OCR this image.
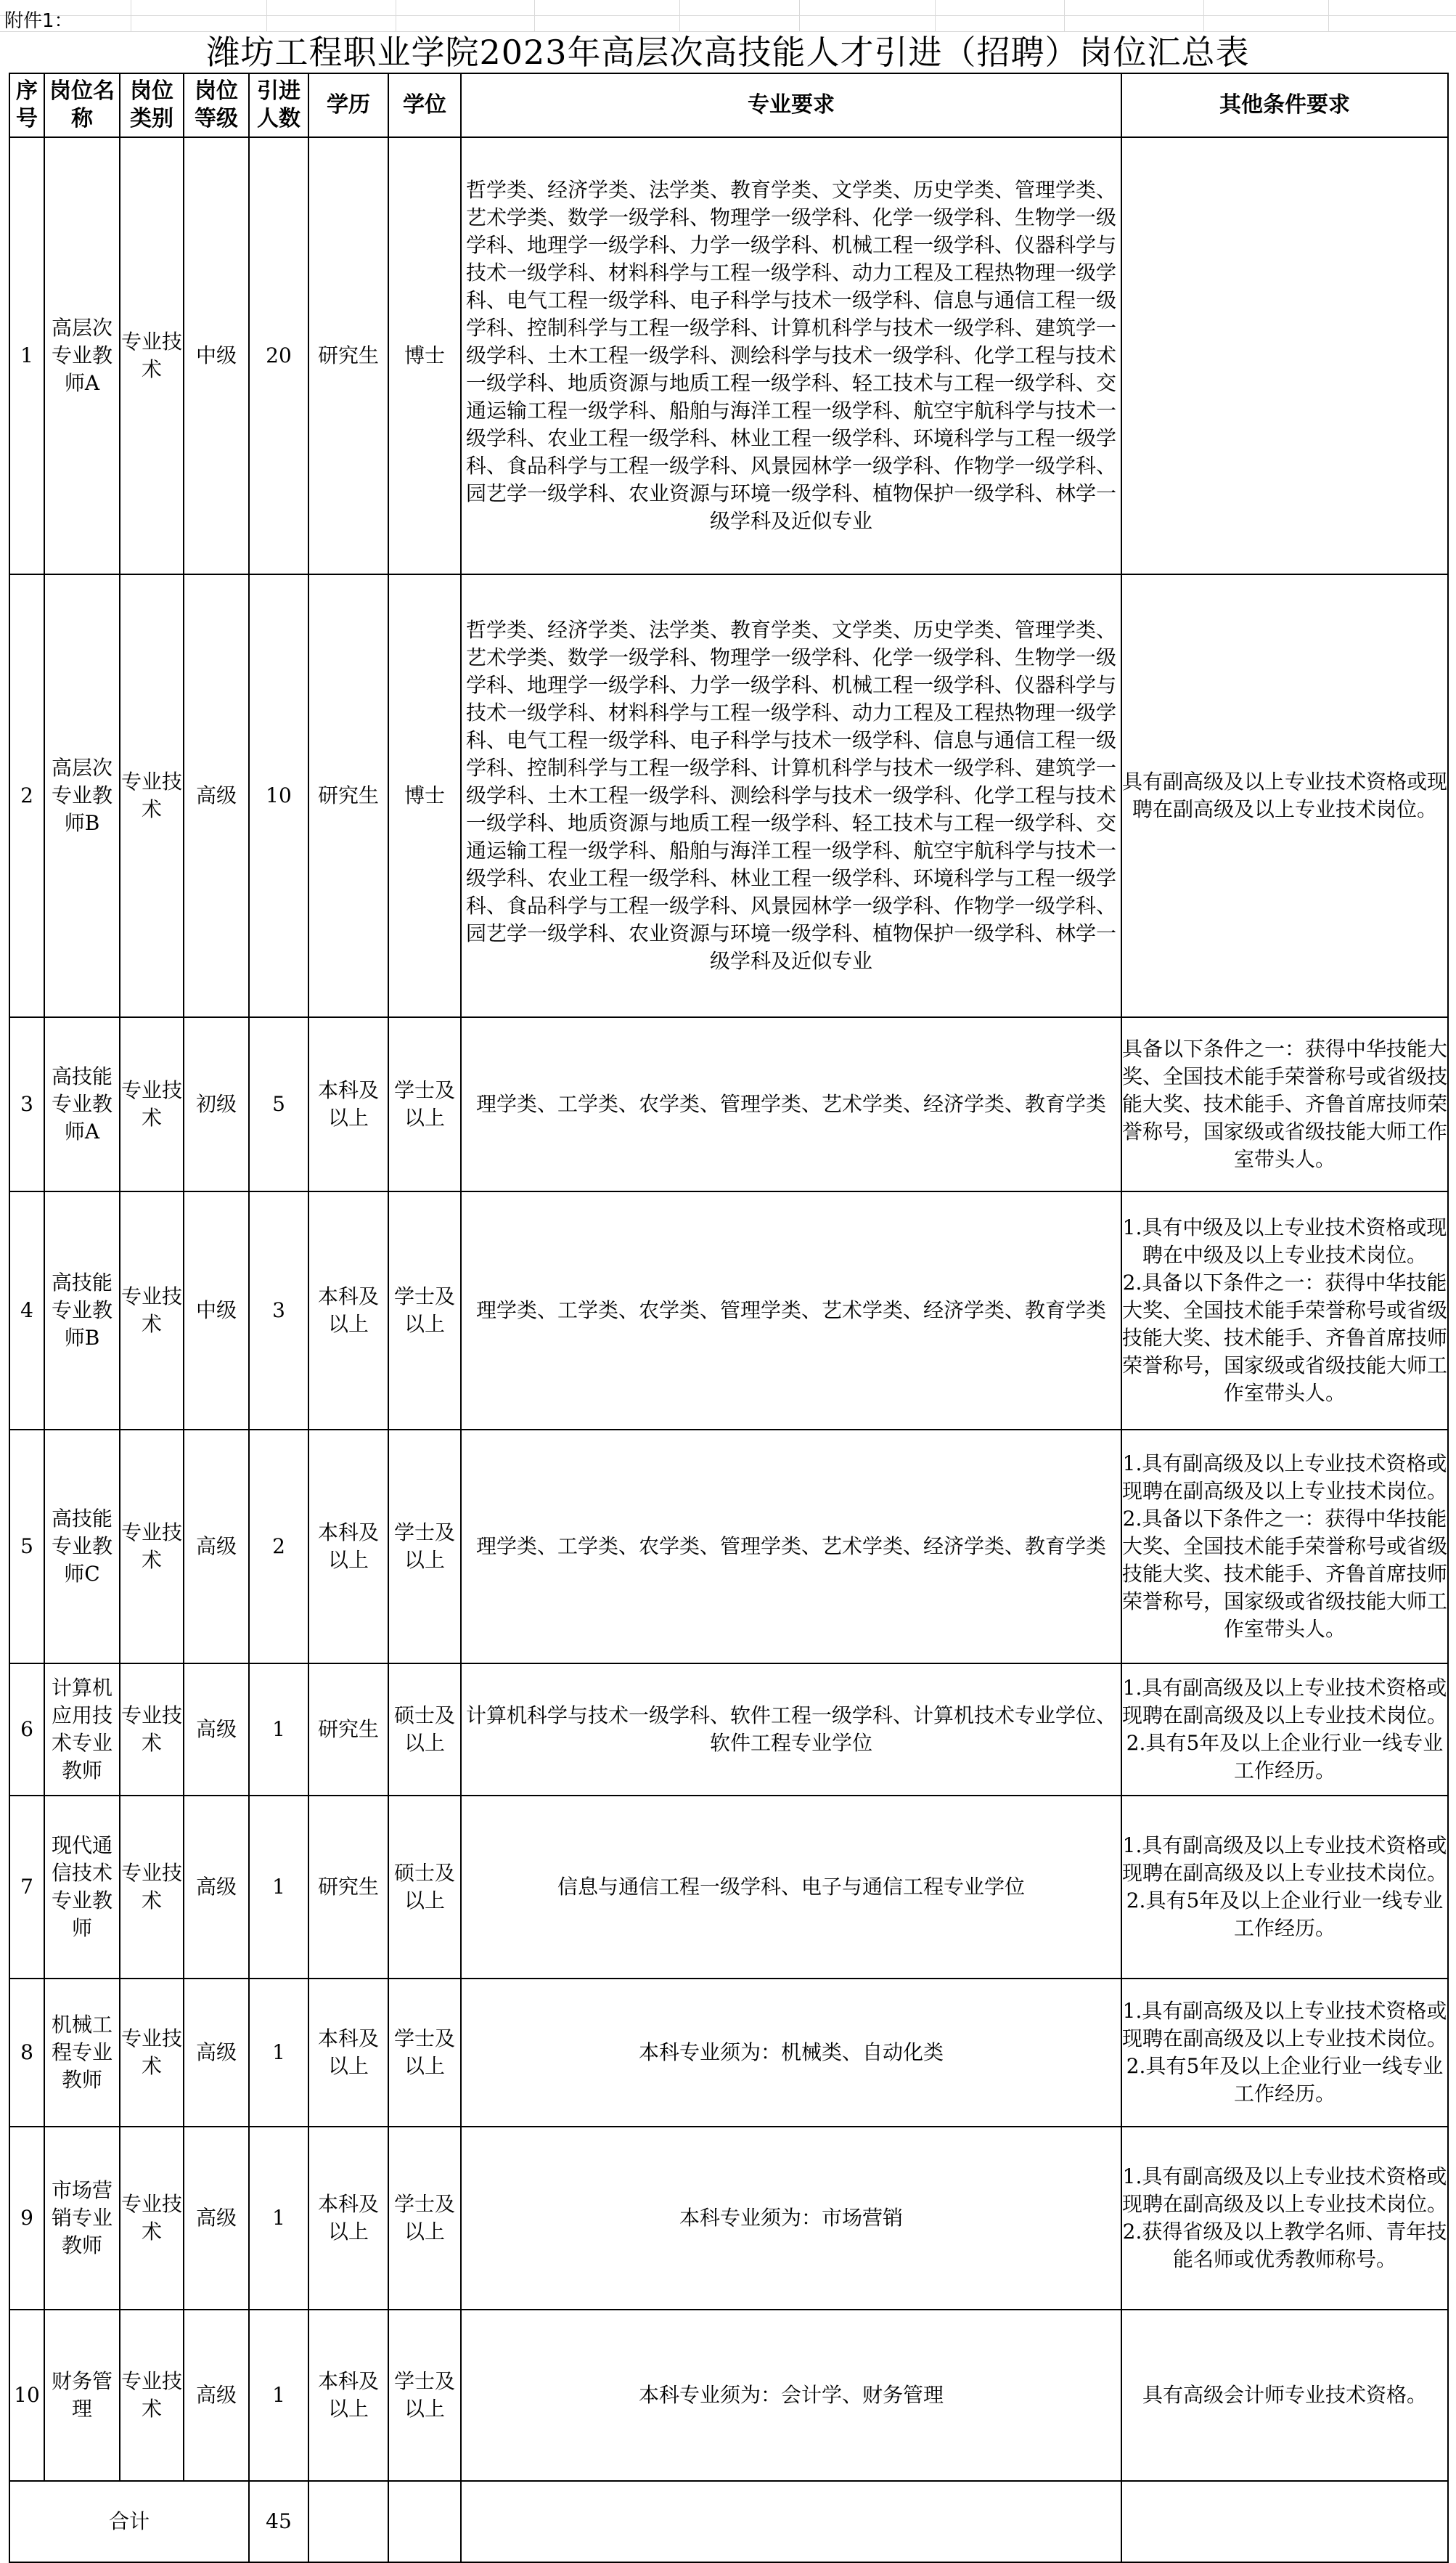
附件1：
潍坊工程职业学院2023年高层次高技能人才引进（招聘）岗位汇总表
序号	岗位名称	岗位类别	岗位等级	引进人数	学历	学位	专业要求	其他条件要求

1	高层次专业教师A	专业技术	中级	20	研究生	博士	哲学类、经济学类、法学类、教育学类、文学类、历史学类、管理学类、艺术学类、数学一级学科、物理学一级学科、化学一级学科、生物学一级学科、地理学一级学科、力学一级学科、机械工程一级学科、仪器科学与技术一级学科、材料科学与工程一级学科、动力工程及工程热物理一级学科、电气工程一级学科、电子科学与技术一级学科、信息与通信工程一级学科、控制科学与工程一级学科、计算机科学与技术一级学科、建筑学一级学科、土木工程一级学科、测绘科学与技术一级学科、化学工程与技术一级学科、地质资源与地质工程一级学科、轻工技术与工程一级学科、交通运输工程一级学科、船舶与海洋工程一级学科、航空宇航科学与技术一级学科、农业工程一级学科、林业工程一级学科、环境科学与工程一级学科、食品科学与工程一级学科、风景园林学一级学科、作物学一级学科、园艺学一级学科、农业资源与环境一级学科、植物保护一级学科、林学一级学科及近似专业	

2	高层次专业教师B	专业技术	高级	10	研究生	博士	哲学类、经济学类、法学类、教育学类、文学类、历史学类、管理学类、艺术学类、数学一级学科、物理学一级学科、化学一级学科、生物学一级学科、地理学一级学科、力学一级学科、机械工程一级学科、仪器科学与技术一级学科、材料科学与工程一级学科、动力工程及工程热物理一级学科、电气工程一级学科、电子科学与技术一级学科、信息与通信工程一级学科、控制科学与工程一级学科、计算机科学与技术一级学科、建筑学一级学科、土木工程一级学科、测绘科学与技术一级学科、化学工程与技术一级学科、地质资源与地质工程一级学科、轻工技术与工程一级学科、交通运输工程一级学科、船舶与海洋工程一级学科、航空宇航科学与技术一级学科、农业工程一级学科、林业工程一级学科、环境科学与工程一级学科、食品科学与工程一级学科、风景园林学一级学科、作物学一级学科、园艺学一级学科、农业资源与环境一级学科、植物保护一级学科、林学一级学科及近似专业	具有副高级及以上专业技术资格或现聘在副高级及以上专业技术岗位。

3	高技能专业教师A	专业技术	初级	5	本科及以上	学士及以上	理学类、工学类、农学类、管理学类、艺术学类、经济学类、教育学类	具备以下条件之一：获得中华技能大奖、全国技术能手荣誉称号或省级技能大奖、技术能手、齐鲁首席技师荣誉称号，国家级或省级技能大师工作室带头人。

4	高技能专业教师B	专业技术	中级	3	本科及以上	学士及以上	理学类、工学类、农学类、管理学类、艺术学类、经济学类、教育学类	1.具有中级及以上专业技术资格或现聘在中级及以上专业技术岗位。
2.具备以下条件之一：获得中华技能大奖、全国技术能手荣誉称号或省级技能大奖、技术能手、齐鲁首席技师荣誉称号，国家级或省级技能大师工作室带头人。

5	高技能专业教师C	专业技术	高级	2	本科及以上	学士及以上	理学类、工学类、农学类、管理学类、艺术学类、经济学类、教育学类	1.具有副高级及以上专业技术资格或现聘在副高级及以上专业技术岗位。
2.具备以下条件之一：获得中华技能大奖、全国技术能手荣誉称号或省级技能大奖、技术能手、齐鲁首席技师荣誉称号，国家级或省级技能大师工作室带头人。

6	计算机应用技术专业教师	专业技术	高级	1	研究生	硕士及以上	计算机科学与技术一级学科、软件工程一级学科、计算机技术专业学位、软件工程专业学位	1.具有副高级及以上专业技术资格或现聘在副高级及以上专业技术岗位。
2.具有5年及以上企业行业一线专业工作经历。

7	现代通信技术专业教师	专业技术	高级	1	研究生	硕士及以上	信息与通信工程一级学科、电子与通信工程专业学位	1.具有副高级及以上专业技术资格或现聘在副高级及以上专业技术岗位。
2.具有5年及以上企业行业一线专业工作经历。

8	机械工程专业教师	专业技术	高级	1	本科及以上	学士及以上	本科专业须为：机械类、自动化类	1.具有副高级及以上专业技术资格或现聘在副高级及以上专业技术岗位。
2.具有5年及以上企业行业一线专业工作经历。

9	市场营销专业教师	专业技术	高级	1	本科及以上	学士及以上	本科专业须为：市场营销	1.具有副高级及以上专业技术资格或现聘在副高级及以上专业技术岗位。
2.获得省级及以上教学名师、青年技能名师或优秀教师称号。

10	财务管理	专业技术	高级	1	本科及以上	学士及以上	本科专业须为：会计学、财务管理	具有高级会计师专业技术资格。

合计				45				
